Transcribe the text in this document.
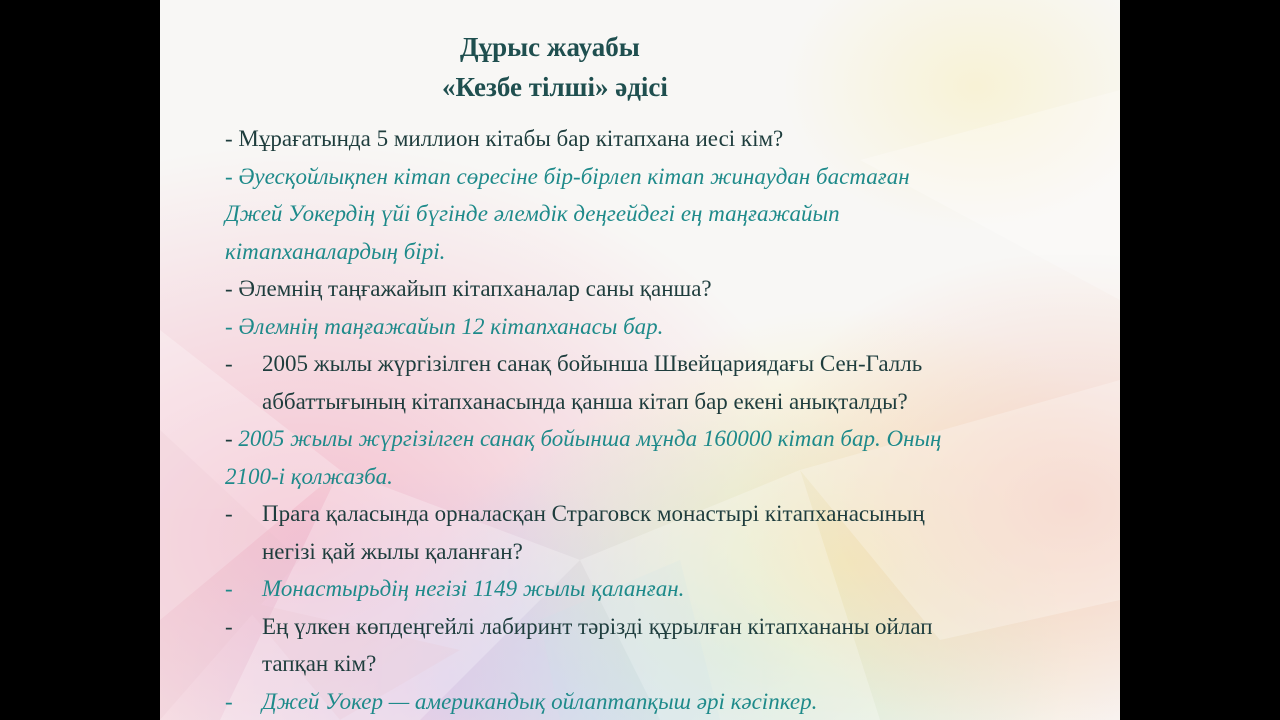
Дұрыс жауабы
«Кезбе тілші» әдісі
- Мұрағатында 5 миллион кітабы бар кітапхана иесі кім?
- Әуесқойлықпен кітап сөресіне бір-бірлеп кітап жинаудан бастаған
Джей Уокердің үйі бүгінде әлемдік деңгейдегі ең таңғажайып
кітапханалардың бірі.
- Әлемнің таңғажайып кітапханалар саны қанша?
- Әлемнің таңғажайып 12 кітапханасы бар.
- 2005 жылы жүргізілген санақ бойынша Швейцариядағы Сен-Галль
аббаттығының кітапханасында қанша кітап бар екені анықталды?
- 2005 жылы жүргізілген санақ бойынша мұнда 160000 кітап бар. Оның
2100-і қолжазба.
- Прага қаласында орналасқан Страговск монастырі кітапханасының
негізі қай жылы қаланған?
- Монастырьдің негізі 1149 жылы қаланған.
- Ең үлкен көпдеңгейлі лабиринт тәрізді құрылған кітапхананы ойлап
тапқан кім?
- Джей Уокер — американдық ойлаптапқыш әрі кәсіпкер.
